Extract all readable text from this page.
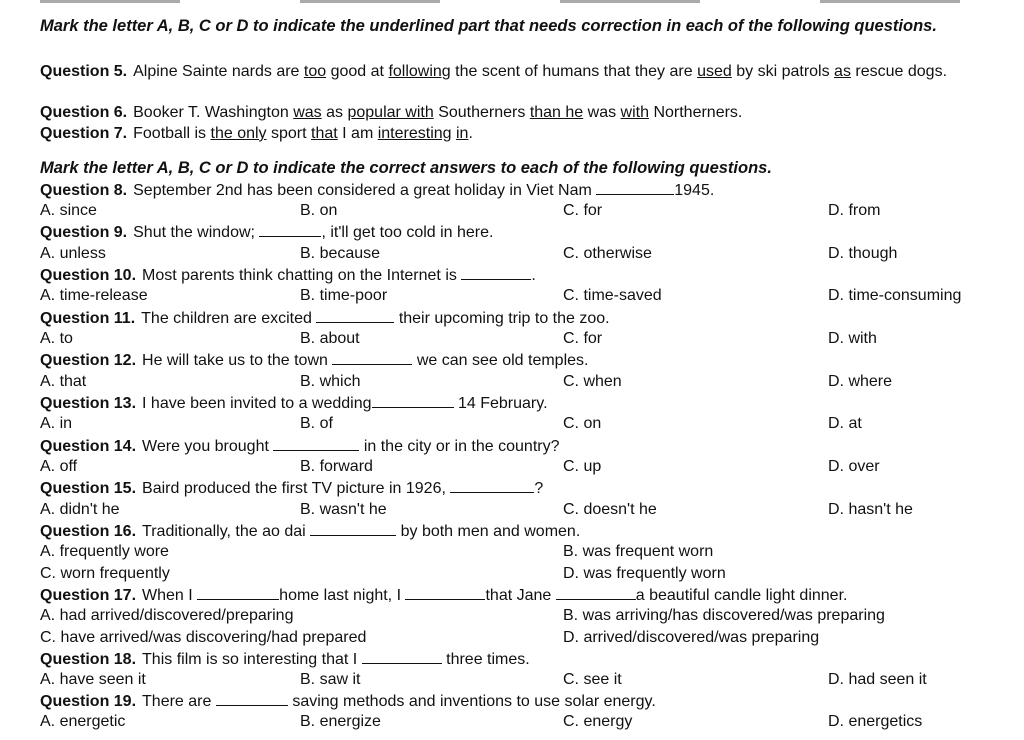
Mark the letter A, B, C or D to indicate the underlined part that needs correction in each of the following questions.
Question 5. Alpine Sainte nards are too good at following the scent of humans that they are used by ski patrols as rescue dogs.
Question 6. Booker T. Washington was as popular with Southerners than he was with Northerners.
Question 7. Football is the only sport that I am interesting in.
Mark the letter A, B, C or D to indicate the correct answers to each of the following questions.
Question 8. September 2nd has been considered a great holiday in Viet Nam	1945.
A. since	B. on	C. for	D. from
Question 9. Shut the window;	, it'll get too cold in here.
A. unless	B. because	C. otherwise	D. though
Question 10. Most parents think chatting on the Internet is	.
A. time-release	B. time-poor	C. time-saved	D. time-consuming
Question 11. The children are excited	their upcoming trip to the zoo.
A. to	B. about	C. for	D. with
Question 12. He will take us to the town	we can see old temples.
A. that	B. which	C. when	D. where
Question 13. I have been invited to a wedding	14 February.
A. in	B. of	C. on	D. at
Question 14. Were you brought	in the city or in the country?
A. off	B. forward	C. up	D. over
Question 15. Baird produced the first TV picture in 1926,	?
A. didn't he	B. wasn't he	C. doesn't he	D. hasn't he
Question 16. Traditionally, the ao dai	by both men and women.
A. frequently wore	B. was frequent worn
C. worn frequently	D. was frequently worn
Question 17. When I	home last night, I	that Jane	a beautiful candle light dinner.
A. had arrived/discovered/preparing	B. was arriving/has discovered/was preparing
C. have arrived/was discovering/had prepared	D. arrived/discovered/was preparing
Question 18. This film is so interesting that I	three times.
A. have seen it	B. saw it	C. see it	D. had seen it
Question 19. There are	saving methods and inventions to use solar energy.
A. energetic	B. energize	C. energy	D. energetics
